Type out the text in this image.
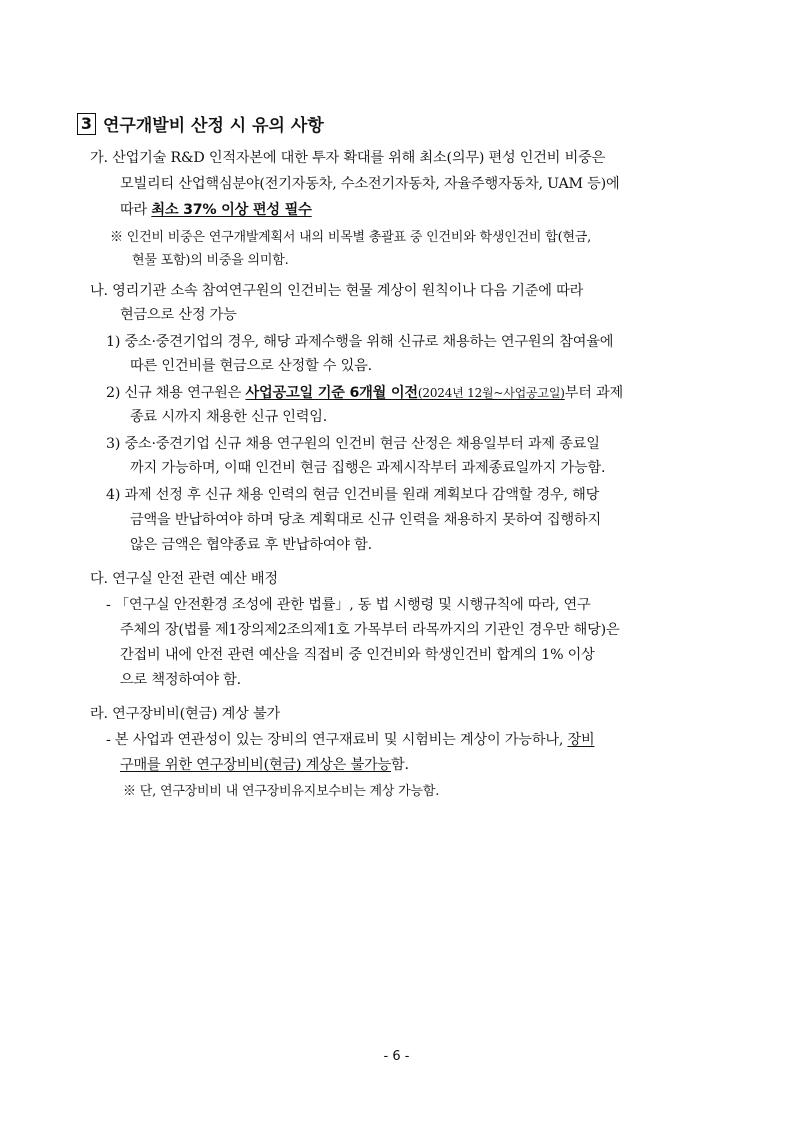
3 연구개발비 산정 시 유의 사항
가. 산업기술 R&D 인적자본에 대한 투자 확대를 위해 최소(의무) 편성 인건비 비중은
모빌리티 산업핵심분야(전기자동차, 수소전기자동차, 자율주행자동차, UAM 등)에
따라 최소 37% 이상 편성 필수
※ 인건비 비중은 연구개발계획서 내의 비목별 총괄표 중 인건비와 학생인건비 합(현금,
현물 포함)의 비중을 의미함.
나. 영리기관 소속 참여연구원의 인건비는 현물 계상이 원칙이나 다음 기준에 따라
현금으로 산정 가능
1) 중소·중견기업의 경우, 해당 과제수행을 위해 신규로 채용하는 연구원의 참여율에
따른 인건비를 현금으로 산정할 수 있음.
2) 신규 채용 연구원은 사업공고일 기준 6개월 이전(2024년 12월~사업공고일)부터 과제
종료 시까지 채용한 신규 인력임.
3) 중소·중견기업 신규 채용 연구원의 인건비 현금 산정은 채용일부터 과제 종료일
까지 가능하며, 이때 인건비 현금 집행은 과제시작부터 과제종료일까지 가능함.
4) 과제 선정 후 신규 채용 인력의 현금 인건비를 원래 계획보다 감액할 경우, 해당
금액을 반납하여야 하며 당초 계획대로 신규 인력을 채용하지 못하여 집행하지
않은 금액은 협약종료 후 반납하여야 함.
다. 연구실 안전 관련 예산 배정
- 「연구실 안전환경 조성에 관한 법률」, 동 법 시행령 및 시행규칙에 따라, 연구
주체의 장(법률 제1장의제2조의제1호 가목부터 라목까지의 기관인 경우만 해당)은
간접비 내에 안전 관련 예산을 직접비 중 인건비와 학생인건비 합계의 1% 이상
으로 책정하여야 함.
라. 연구장비비(현금) 계상 불가
- 본 사업과 연관성이 있는 장비의 연구재료비 및 시험비는 계상이 가능하나, 장비
구매를 위한 연구장비비(현금) 계상은 불가능함.
※ 단, 연구장비비 내 연구장비유지보수비는 계상 가능함.
- 6 -
